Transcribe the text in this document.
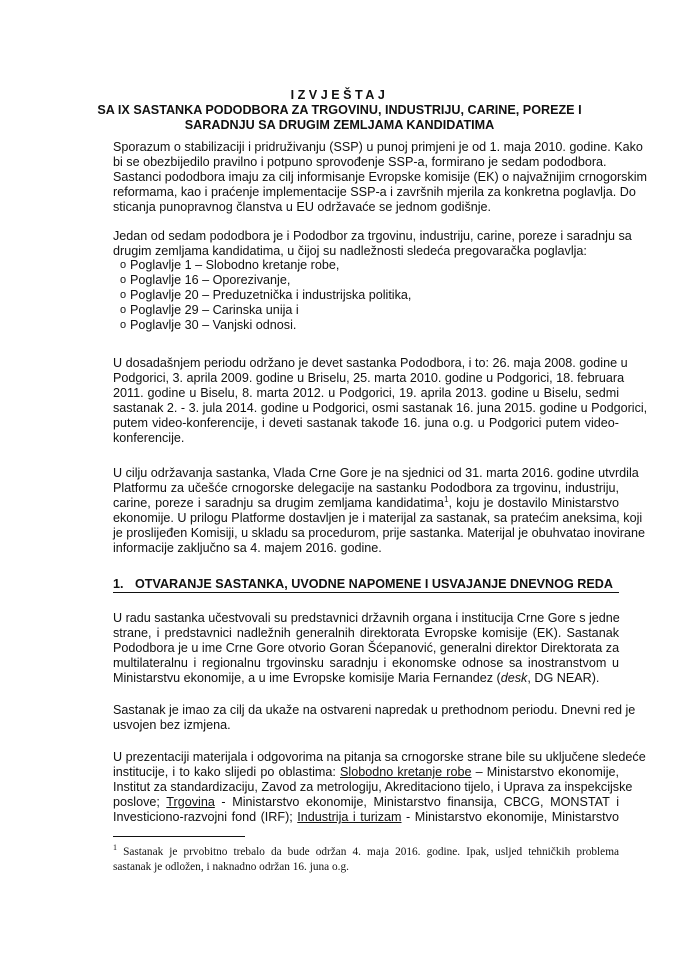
IZVJEŠTAJ
SA IX SASTANKA PODODBORA ZA TRGOVINU, INDUSTRIJU, CARINE, POREZE I
SARADNJU SA DRUGIM ZEMLJAMA KANDIDATIMA
Sporazum o stabilizaciji i pridruživanju (SSP) u punoj primjeni je od 1. maja 2010. godine. Kako
bi se obezbijedilo pravilno i potpuno sprovođenje SSP-a, formirano je sedam pododbora.
Sastanci pododbora imaju za cilj informisanje Evropske komisije (EK) o najvažnijim crnogorskim
reformama, kao i praćenje implementacije SSP-a i završnih mjerila za konkretna poglavlja. Do
sticanja punopravnog članstva u EU održavaće se jednom godišnje.
Jedan od sedam pododbora je i Pododbor za trgovinu, industriju, carine, poreze i saradnju sa
drugim zemljama kandidatima, u čijoj su nadležnosti sledeća pregovaračka poglavlja:
o Poglavlje 1 – Slobodno kretanje robe,
o Poglavlje 16 – Oporezivanje,
o Poglavlje 20 – Preduzetnička i industrijska politika,
o Poglavlje 29 – Carinska unija i
o Poglavlje 30 – Vanjski odnosi.
U dosadašnjem periodu održano je devet sastanka Pododbora, i to: 26. maja 2008. godine u
Podgorici, 3. aprila 2009. godine u Briselu, 25. marta 2010. godine u Podgorici, 18. februara
2011. godine u Biselu, 8. marta 2012. u Podgorici, 19. aprila 2013. godine u Biselu, sedmi
sastanak 2. - 3. jula 2014. godine u Podgorici, osmi sastanak 16. juna 2015. godine u Podgorici,
putem video-konferencije, i deveti sastanak takođe 16. juna o.g. u Podgorici putem video-
konferencije.
U cilju održavanja sastanka, Vlada Crne Gore je na sjednici od 31. marta 2016. godine utvrdila
Platformu za učešće crnogorske delegacije na sastanku Pododbora za trgovinu, industriju,
carine, poreze i saradnju sa drugim zemljama kandidatima$^1$, koju je dostavilo Ministarstvo
ekonomije. U prilogu Platforme dostavljen je i materijal za sastanak, sa pratećim aneksima, koji
je proslijeđen Komisiji, u skladu sa procedurom, prije sastanka. Materijal je obuhvatao inovirane
informacije zaključno sa 4. majem 2016. godine.
1. OTVARANJE SASTANKA, UVODNE NAPOMENE I USVAJANJE DNEVNOG REDA
U radu sastanka učestvovali su predstavnici državnih organa i institucija Crne Gore s jedne
strane, i predstavnici nadležnih generalnih direktorata Evropske komisije (EK). Sastanak
Pododbora je u ime Crne Gore otvorio Goran Šćepanović, generalni direktor Direktorata za
multilateralnu i regionalnu trgovinsku saradnju i ekonomske odnose sa inostranstvom u
Ministarstvu ekonomije, a u ime Evropske komisije Maria Fernandez (desk, DG NEAR).
Sastanak je imao za cilj da ukaže na ostvareni napredak u prethodnom periodu. Dnevni red je
usvojen bez izmjena.
U prezentaciji materijala i odgovorima na pitanja sa crnogorske strane bile su uključene sledeće
institucije, i to kako slijedi po oblastima: Slobodno kretanje robe – Ministarstvo ekonomije,
Institut za standardizaciju, Zavod za metrologiju, Akreditaciono tijelo, i Uprava za inspekcijske
poslove; Trgovina - Ministarstvo ekonomije, Ministarstvo finansija, CBCG, MONSTAT i
Investiciono-razvojni fond (IRF); Industrija i turizam - Ministarstvo ekonomije, Ministarstvo
$^1$ Sastanak je prvobitno trebalo da bude održan 4. maja 2016. godine. Ipak, usljed tehničkih problema
sastanak je odložen, i naknadno održan 16. juna o.g.
